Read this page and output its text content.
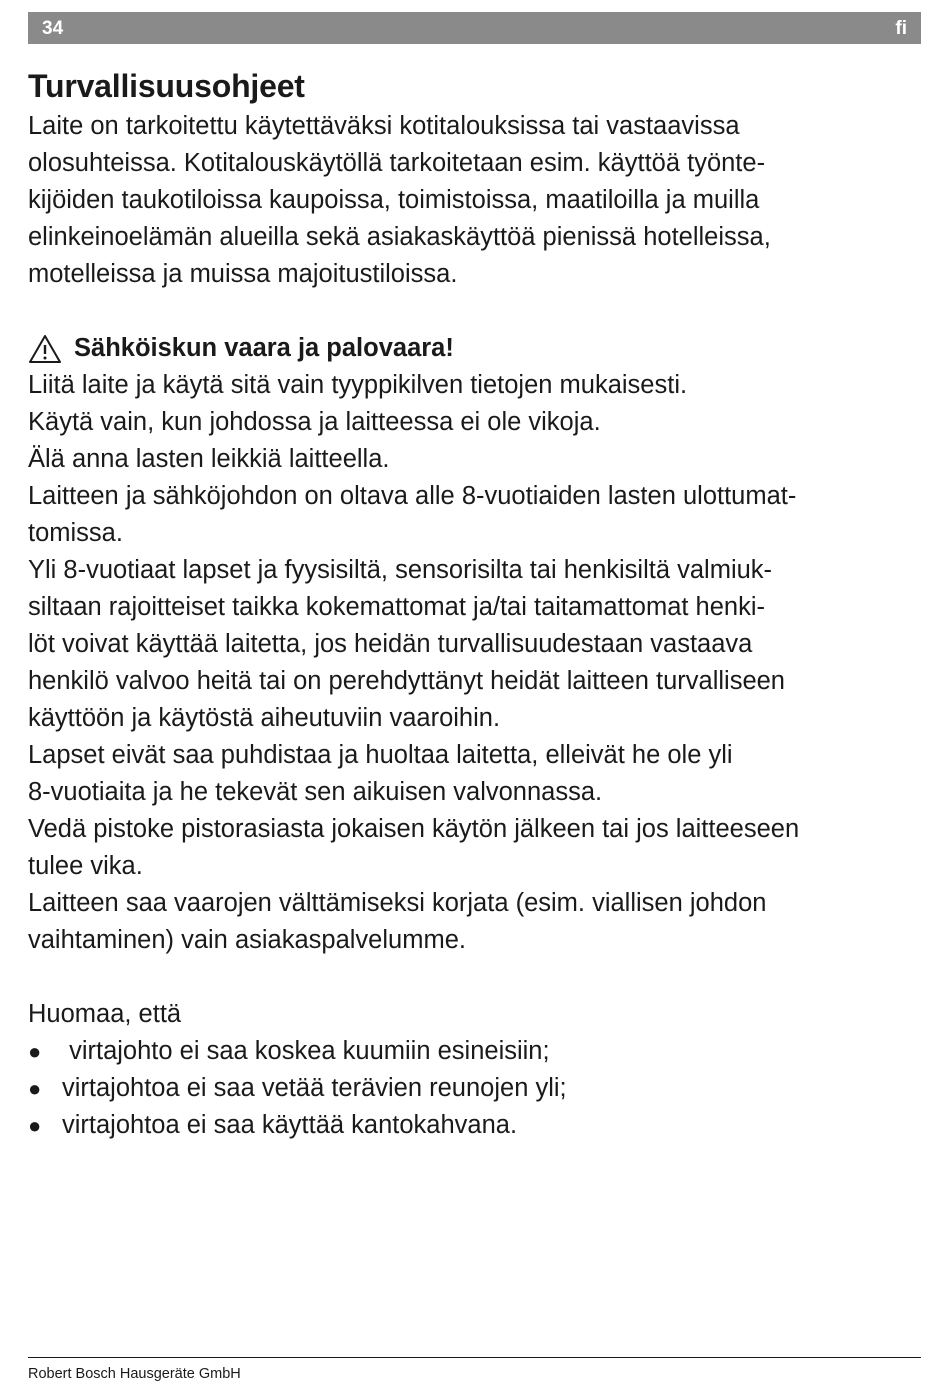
34	fi
Turvallisuusohjeet

Laite on tarkoitettu käytettäväksi kotitalouksissa tai vastaavissa
olosuhteissa. Kotitalouskäytöllä tarkoitetaan esim. käyttöä työnte-
kijöiden taukotiloissa kaupoissa, toimistoissa, maatiloilla ja muilla
elinkeinoelämän alueilla sekä asiakaskäyttöä pienissä hotelleissa,
motelleissa ja muissa majoitustiloissa.

Sähköiskun vaara ja palovaara!

Liitä laite ja käytä sitä vain tyyppikilven tietojen mukaisesti.

Käytä vain, kun johdossa ja laitteessa ei ole vikoja.

Älä anna lasten leikkiä laitteella.

Laitteen ja sähköjohdon on oltava alle 8-vuotiaiden lasten ulottumat-
tomissa.

Yli 8-vuotiaat lapset ja fyysisiltä, sensorisilta tai henkisiltä valmiuk-
siltaan rajoitteiset taikka kokemattomat ja/tai taitamattomat henki-
löt voivat käyttää laitetta, jos heidän turvallisuudestaan vastaava
henkilö valvoo heitä tai on perehdyttänyt heidät laitteen turvalliseen
käyttöön ja käytöstä aiheutuviin vaaroihin.

Lapset eivät saa puhdistaa ja huoltaa laitetta, elleivät he ole yli
8-vuotiaita ja he tekevät sen aikuisen valvonnassa.

Vedä pistoke pistorasiasta jokaisen käytön jälkeen tai jos laitteeseen
tulee vika.

Laitteen saa vaarojen välttämiseksi korjata (esim. viallisen johdon
vaihtaminen) vain asiakaspalvelumme.

Huomaa, että

● virtajohto ei saa koskea kuumiin esineisiin;
● virtajohtoa ei saa vetää terävien reunojen yli;
● virtajohtoa ei saa käyttää kantokahvana.
Robert Bosch Hausgeräte GmbH
